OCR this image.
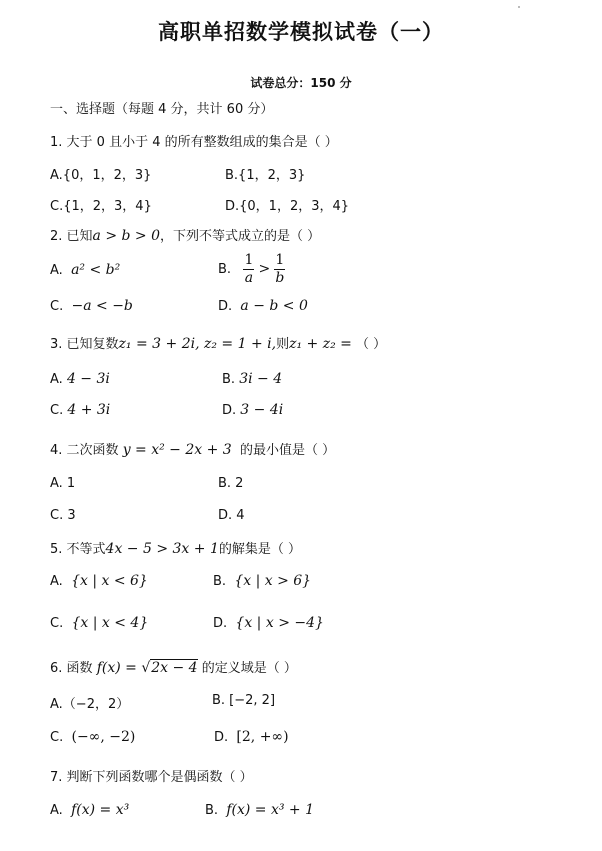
高职单招数学模拟试卷（一）
试卷总分：150 分
一、选择题（每题 4 分，共计 60 分）
1. 大于 0 且小于 4 的所有整数组成的集合是（ ）
A.{0，1，2，3}	B.{1，2，3}
C.{1，2，3，4}	D.{0，1，2，3，4}
2. 已知a > b > 0，下列不等式成立的是（ ）
A. a² < b²	B. $\frac{1}{a} > \frac{1}{b}$
C. −a < −b	D. a − b < 0
3. 已知复数z₁ = 3 + 2i, z₂ = 1 + i,则z₁ + z₂ = （ ）
A. 4 − 3i	B. 3i − 4
C. 4 + 3i	D. 3 − 4i
4. 二次函数 y = x² − 2x + 3 的最小值是（ ）
A. 1	B. 2
C. 3	D. 4
5. 不等式4x − 5 > 3x + 1的解集是（ ）
A. {x | x < 6}	B. {x | x > 6}
C. {x | x < 4}	D. {x | x > −4}
6. 函数 f(x) = √2x − 4 的定义域是（ ）
A.（−2，2）	B. [−2, 2]
C. (−∞, −2)	D. [2, +∞)
7. 判断下列函数哪个是偶函数（ ）
A. f(x) = x³	B. f(x) = x³ + 1
